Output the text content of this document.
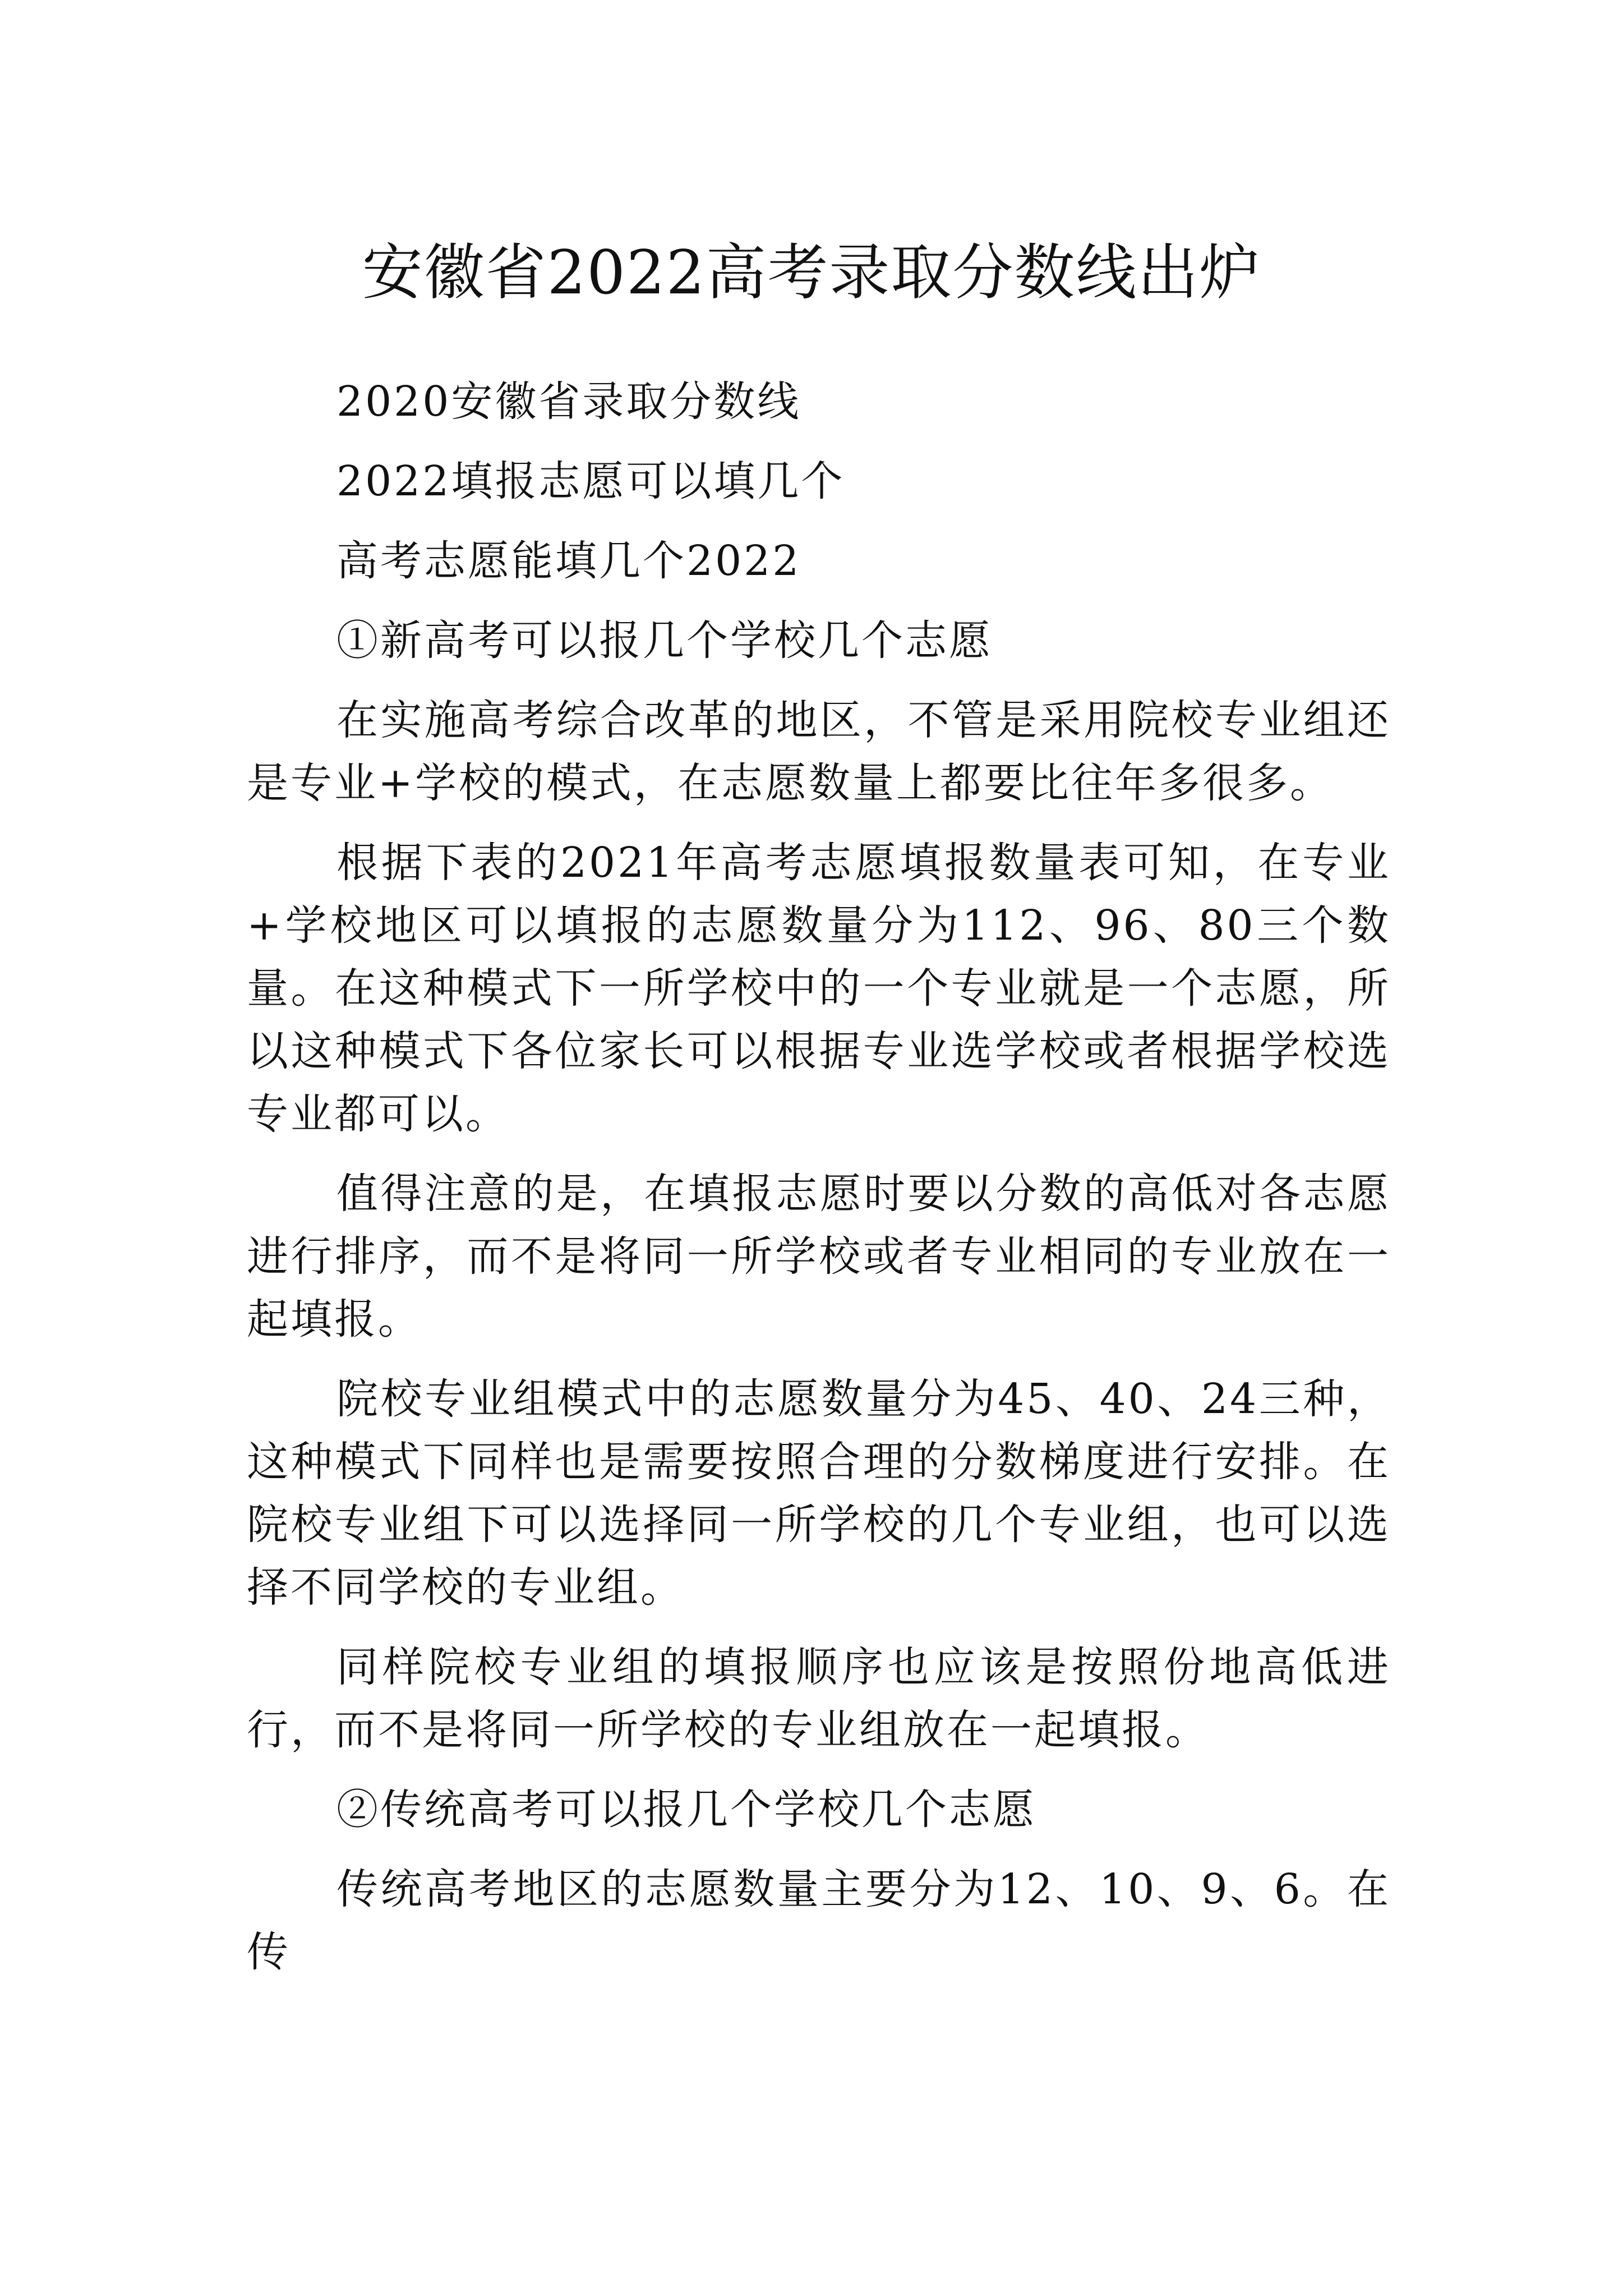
安徽省2022高考录取分数线出炉

2020安徽省录取分数线

2022填报志愿可以填几个

高考志愿能填几个2022

①新高考可以报几个学校几个志愿

在实施高考综合改革的地区，不管是采用院校专业组还是专业+学校的模式，在志愿数量上都要比往年多很多。

根据下表的2021年高考志愿填报数量表可知，在专业+学校地区可以填报的志愿数量分为112、96、80三个数量。在这种模式下一所学校中的一个专业就是一个志愿，所以这种模式下各位家长可以根据专业选学校或者根据学校选专业都可以。

值得注意的是，在填报志愿时要以分数的高低对各志愿进行排序，而不是将同一所学校或者专业相同的专业放在一起填报。

院校专业组模式中的志愿数量分为45、40、24三种，这种模式下同样也是需要按照合理的分数梯度进行安排。在院校专业组下可以选择同一所学校的几个专业组，也可以选择不同学校的专业组。

同样院校专业组的填报顺序也应该是按照份地高低进行，而不是将同一所学校的专业组放在一起填报。

②传统高考可以报几个学校几个志愿

传统高考地区的志愿数量主要分为12、10、9、6。在传
